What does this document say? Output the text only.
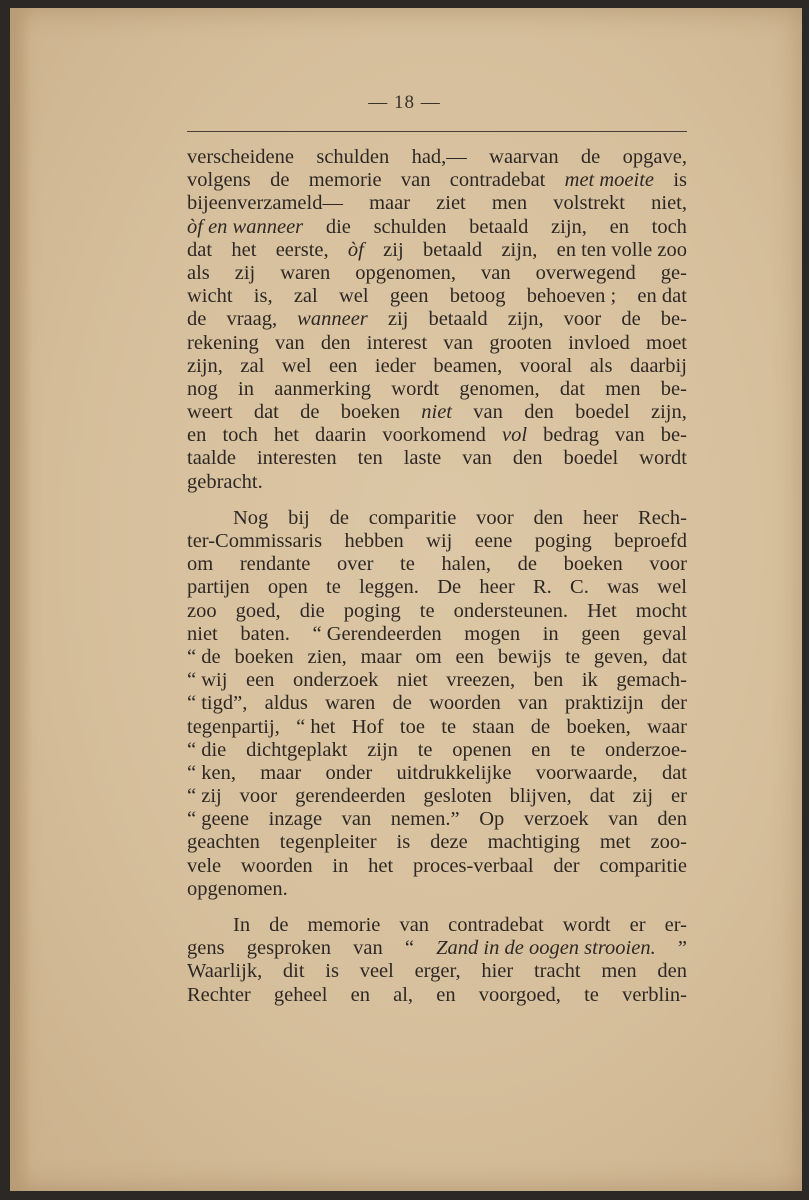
— 18 —
verscheidene schulden had,— waarvan de opgave,
volgens de memorie van contradebat met moeite is
bijeenverzameld— maar ziet men volstrekt niet,
òf en wanneer die schulden betaald zijn, en toch
dat het eerste, òf zij betaald zijn, en ten volle zoo
als zij waren opgenomen, van overwegend ge-
wicht is, zal wel geen betoog behoeven ; en dat
de vraag, wanneer zij betaald zijn, voor de be-
rekening van den interest van grooten invloed moet
zijn, zal wel een ieder beamen, vooral als daarbij
nog in aanmerking wordt genomen, dat men be-
weert dat de boeken niet van den boedel zijn,
en toch het daarin voorkomend vol bedrag van be-
taalde interesten ten laste van den boedel wordt
gebracht.
Nog bij de comparitie voor den heer Rech-
ter-Commissaris hebben wij eene poging beproefd
om rendante over te halen, de boeken voor
partijen open te leggen. De heer R. C. was wel
zoo goed, die poging te ondersteunen. Het mocht
niet baten. “ Gerendeerden mogen in geen geval
“ de boeken zien, maar om een bewijs te geven, dat
“ wij een onderzoek niet vreezen, ben ik gemach-
“ tigd”, aldus waren de woorden van praktizijn der
tegenpartij, “ het Hof toe te staan de boeken, waar
“ die dichtgeplakt zijn te openen en te onderzoe-
“ ken, maar onder uitdrukkelijke voorwaarde, dat
“ zij voor gerendeerden gesloten blijven, dat zij er
“ geene inzage van nemen.” Op verzoek van den
geachten tegenpleiter is deze machtiging met zoo-
vele woorden in het proces-verbaal der comparitie
opgenomen.
In de memorie van contradebat wordt er er-
gens gesproken van “ Zand in de oogen strooien. ”
Waarlijk, dit is veel erger, hier tracht men den
Rechter geheel en al, en voorgoed, te verblin-
